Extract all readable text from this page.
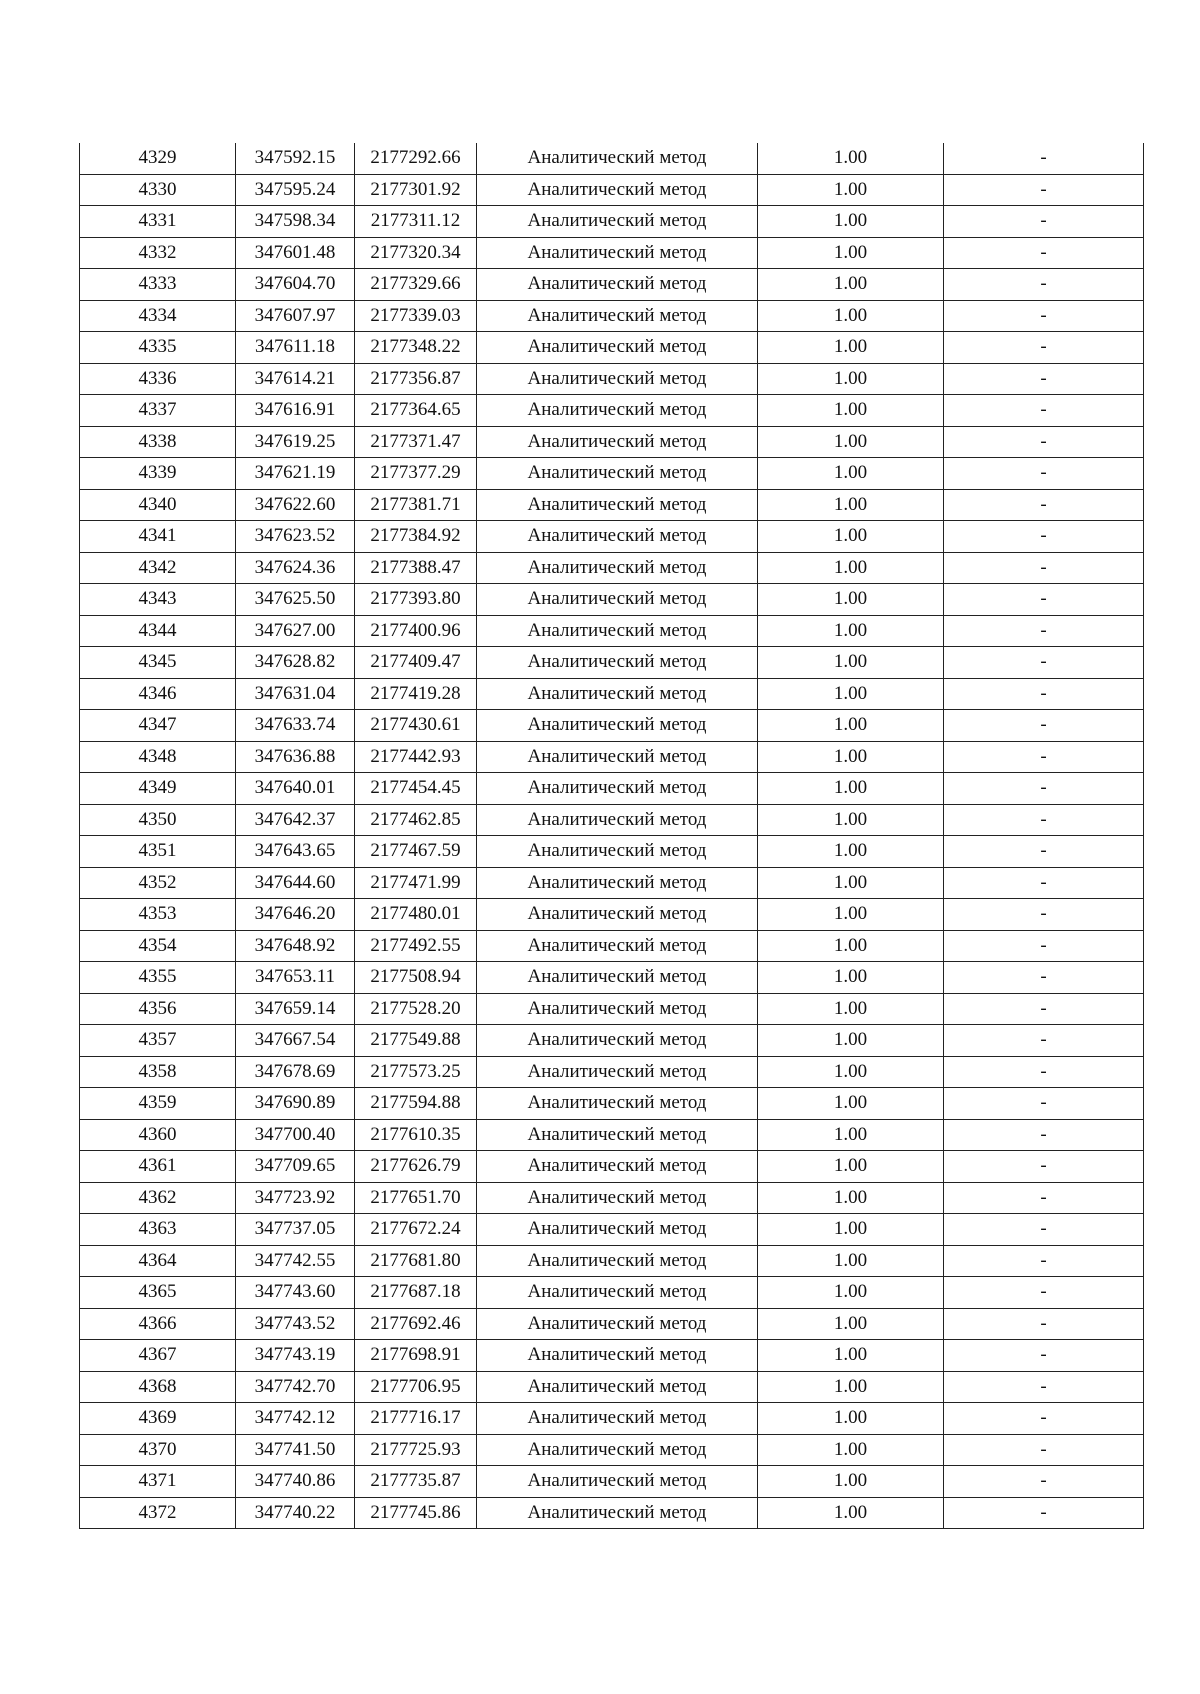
4329	347592.15	2177292.66	Аналитический метод	1.00	-
4330	347595.24	2177301.92	Аналитический метод	1.00	-
4331	347598.34	2177311.12	Аналитический метод	1.00	-
4332	347601.48	2177320.34	Аналитический метод	1.00	-
4333	347604.70	2177329.66	Аналитический метод	1.00	-
4334	347607.97	2177339.03	Аналитический метод	1.00	-
4335	347611.18	2177348.22	Аналитический метод	1.00	-
4336	347614.21	2177356.87	Аналитический метод	1.00	-
4337	347616.91	2177364.65	Аналитический метод	1.00	-
4338	347619.25	2177371.47	Аналитический метод	1.00	-
4339	347621.19	2177377.29	Аналитический метод	1.00	-
4340	347622.60	2177381.71	Аналитический метод	1.00	-
4341	347623.52	2177384.92	Аналитический метод	1.00	-
4342	347624.36	2177388.47	Аналитический метод	1.00	-
4343	347625.50	2177393.80	Аналитический метод	1.00	-
4344	347627.00	2177400.96	Аналитический метод	1.00	-
4345	347628.82	2177409.47	Аналитический метод	1.00	-
4346	347631.04	2177419.28	Аналитический метод	1.00	-
4347	347633.74	2177430.61	Аналитический метод	1.00	-
4348	347636.88	2177442.93	Аналитический метод	1.00	-
4349	347640.01	2177454.45	Аналитический метод	1.00	-
4350	347642.37	2177462.85	Аналитический метод	1.00	-
4351	347643.65	2177467.59	Аналитический метод	1.00	-
4352	347644.60	2177471.99	Аналитический метод	1.00	-
4353	347646.20	2177480.01	Аналитический метод	1.00	-
4354	347648.92	2177492.55	Аналитический метод	1.00	-
4355	347653.11	2177508.94	Аналитический метод	1.00	-
4356	347659.14	2177528.20	Аналитический метод	1.00	-
4357	347667.54	2177549.88	Аналитический метод	1.00	-
4358	347678.69	2177573.25	Аналитический метод	1.00	-
4359	347690.89	2177594.88	Аналитический метод	1.00	-
4360	347700.40	2177610.35	Аналитический метод	1.00	-
4361	347709.65	2177626.79	Аналитический метод	1.00	-
4362	347723.92	2177651.70	Аналитический метод	1.00	-
4363	347737.05	2177672.24	Аналитический метод	1.00	-
4364	347742.55	2177681.80	Аналитический метод	1.00	-
4365	347743.60	2177687.18	Аналитический метод	1.00	-
4366	347743.52	2177692.46	Аналитический метод	1.00	-
4367	347743.19	2177698.91	Аналитический метод	1.00	-
4368	347742.70	2177706.95	Аналитический метод	1.00	-
4369	347742.12	2177716.17	Аналитический метод	1.00	-
4370	347741.50	2177725.93	Аналитический метод	1.00	-
4371	347740.86	2177735.87	Аналитический метод	1.00	-
4372	347740.22	2177745.86	Аналитический метод	1.00	-
